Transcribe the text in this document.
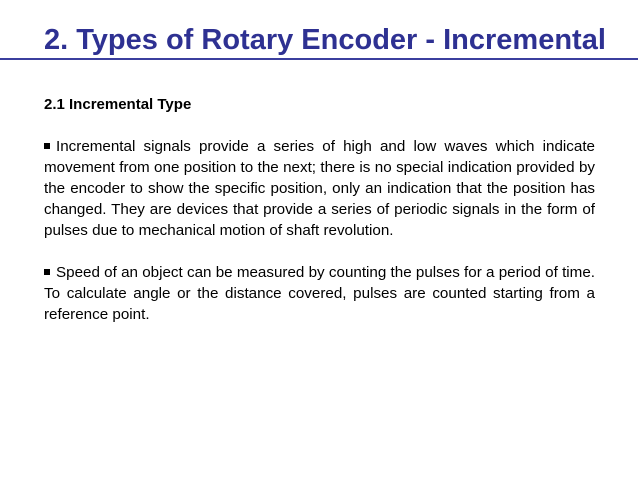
2. Types of Rotary Encoder - Incremental

2.1 Incremental Type

Incremental signals provide a series of high and low waves which indicate movement from one position to the next; there is no special indication provided by the encoder to show the specific position, only an indication that the position has changed. They are devices that provide a series of periodic signals in the form of pulses due to mechanical motion of shaft revolution.

Speed of an object can be measured by counting the pulses for a period of time. To calculate angle or the distance covered, pulses are counted starting from a reference point.
